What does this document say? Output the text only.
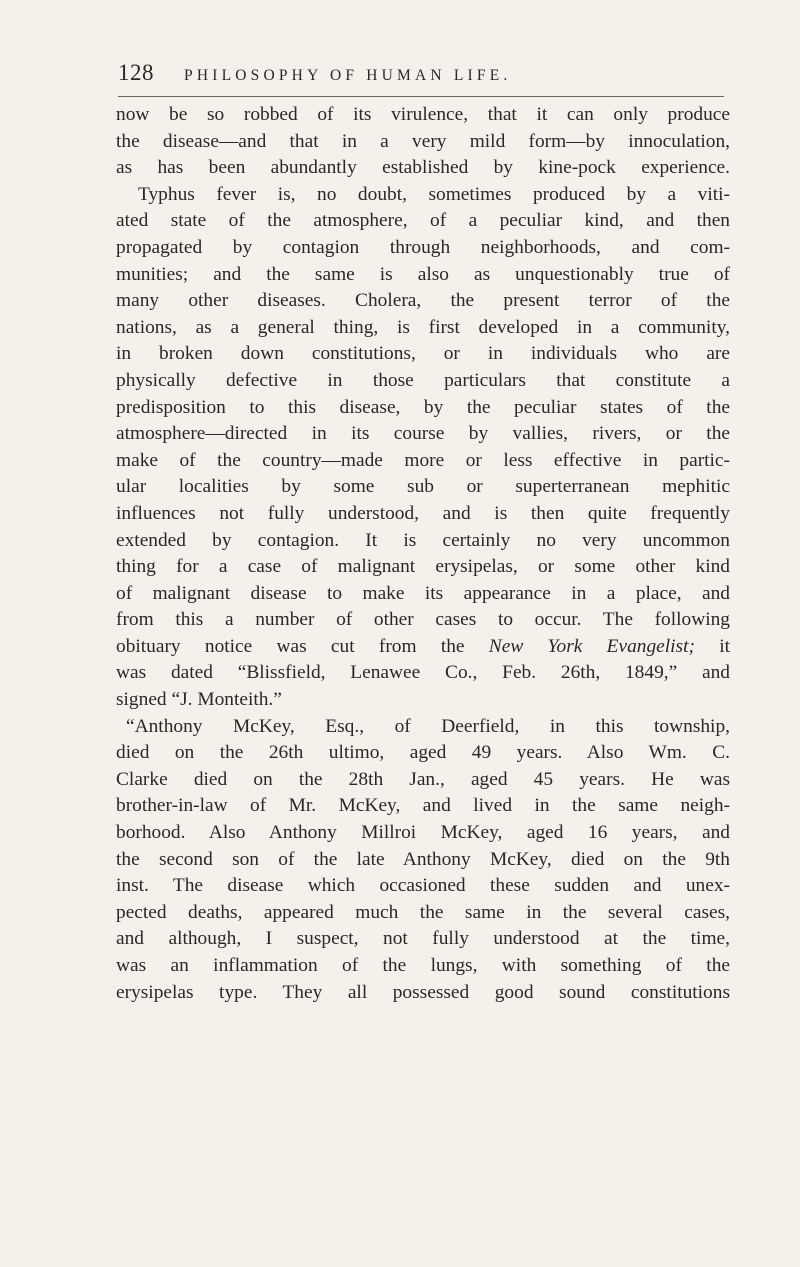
128 PHILOSOPHY OF HUMAN LIFE.
now be so robbed of its virulence, that it can only produce
the disease—and that in a very mild form—by innoculation,
as has been abundantly established by kine-pock experience.
Typhus fever is, no doubt, sometimes produced by a viti-
ated state of the atmosphere, of a peculiar kind, and then
propagated by contagion through neighborhoods, and com-
munities; and the same is also as unquestionably true of
many other diseases. Cholera, the present terror of the
nations, as a general thing, is first developed in a community,
in broken down constitutions, or in individuals who are
physically defective in those particulars that constitute a
predisposition to this disease, by the peculiar states of the
atmosphere—directed in its course by vallies, rivers, or the
make of the country—made more or less effective in partic-
ular localities by some sub or superterranean mephitic
influences not fully understood, and is then quite frequently
extended by contagion. It is certainly no very uncommon
thing for a case of malignant erysipelas, or some other kind
of malignant disease to make its appearance in a place, and
from this a number of other cases to occur. The following
obituary notice was cut from the New York Evangelist; it
was dated “Blissfield, Lenawee Co., Feb. 26th, 1849,” and
signed “J. Monteith.”
“Anthony McKey, Esq., of Deerfield, in this township,
died on the 26th ultimo, aged 49 years. Also Wm. C.
Clarke died on the 28th Jan., aged 45 years. He was
brother-in-law of Mr. McKey, and lived in the same neigh-
borhood. Also Anthony Millroi McKey, aged 16 years, and
the second son of the late Anthony McKey, died on the 9th
inst. The disease which occasioned these sudden and unex-
pected deaths, appeared much the same in the several cases,
and although, I suspect, not fully understood at the time,
was an inflammation of the lungs, with something of the
erysipelas type. They all possessed good sound constitutions
